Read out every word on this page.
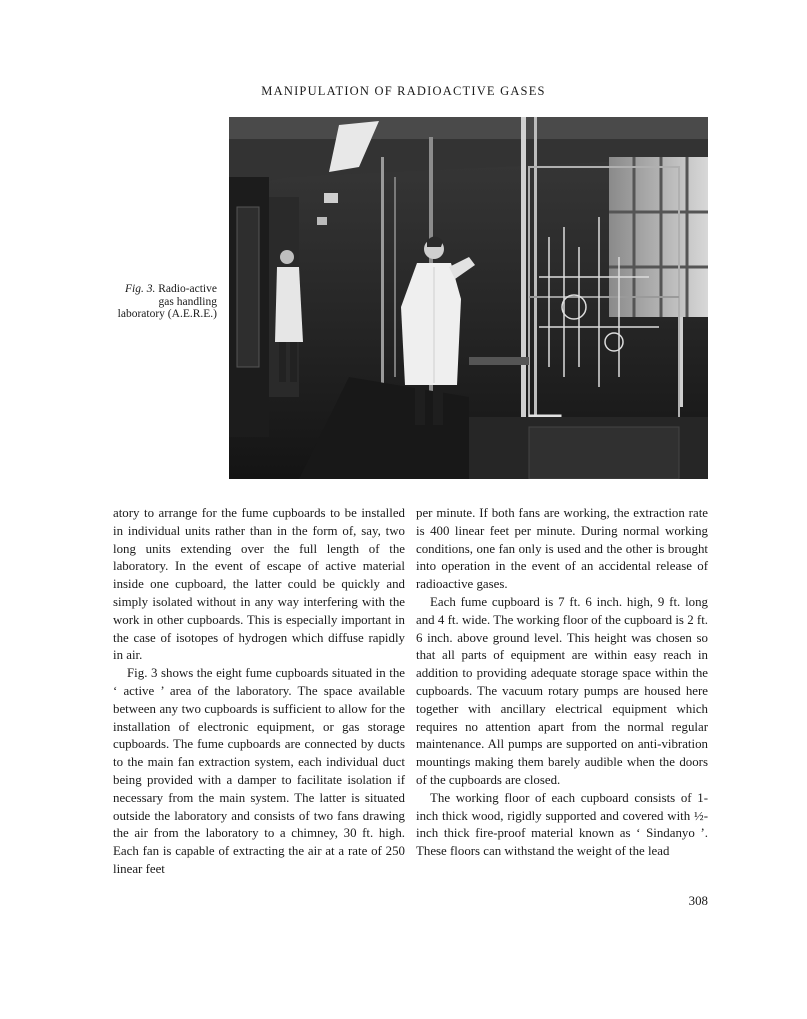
MANIPULATION OF RADIOACTIVE GASES
Fig. 3. Radio-active gas handling laboratory (A.E.R.E.)

atory to arrange for the fume cupboards to be installed in individual units rather than in the form of, say, two long units extending over the full length of the laboratory. In the event of escape of active material inside one cupboard, the latter could be quickly and simply isolated without in any way interfering with the work in other cupboards. This is especially important in the case of isotopes of hydrogen which diffuse rapidly in air.

Fig. 3 shows the eight fume cupboards situated in the ‘ active ’ area of the laboratory. The space available between any two cupboards is sufficient to allow for the installation of electronic equipment, or gas storage cupboards. The fume cupboards are connected by ducts to the main fan extraction system, each individual duct being provided with a damper to facilitate isolation if necessary from the main system. The latter is situated outside the laboratory and consists of two fans drawing the air from the laboratory to a chimney, 30 ft. high. Each fan is capable of extracting the air at a rate of 250 linear feet

per minute. If both fans are working, the extraction rate is 400 linear feet per minute. During normal working conditions, one fan only is used and the other is brought into operation in the event of an accidental release of radioactive gases.

Each fume cupboard is 7 ft. 6 inch. high, 9 ft. long and 4 ft. wide. The working floor of the cupboard is 2 ft. 6 inch. above ground level. This height was chosen so that all parts of equipment are within easy reach in addition to providing adequate storage space within the cupboards. The vacuum rotary pumps are housed here together with ancillary electrical equipment which requires no attention apart from the normal regular maintenance. All pumps are supported on anti-vibration mountings making them barely audible when the doors of the cupboards are closed.

The working floor of each cupboard consists of 1-inch thick wood, rigidly supported and covered with ½-inch thick fire-proof material known as ‘ Sindanyo ’. These floors can withstand the weight of the lead

308
